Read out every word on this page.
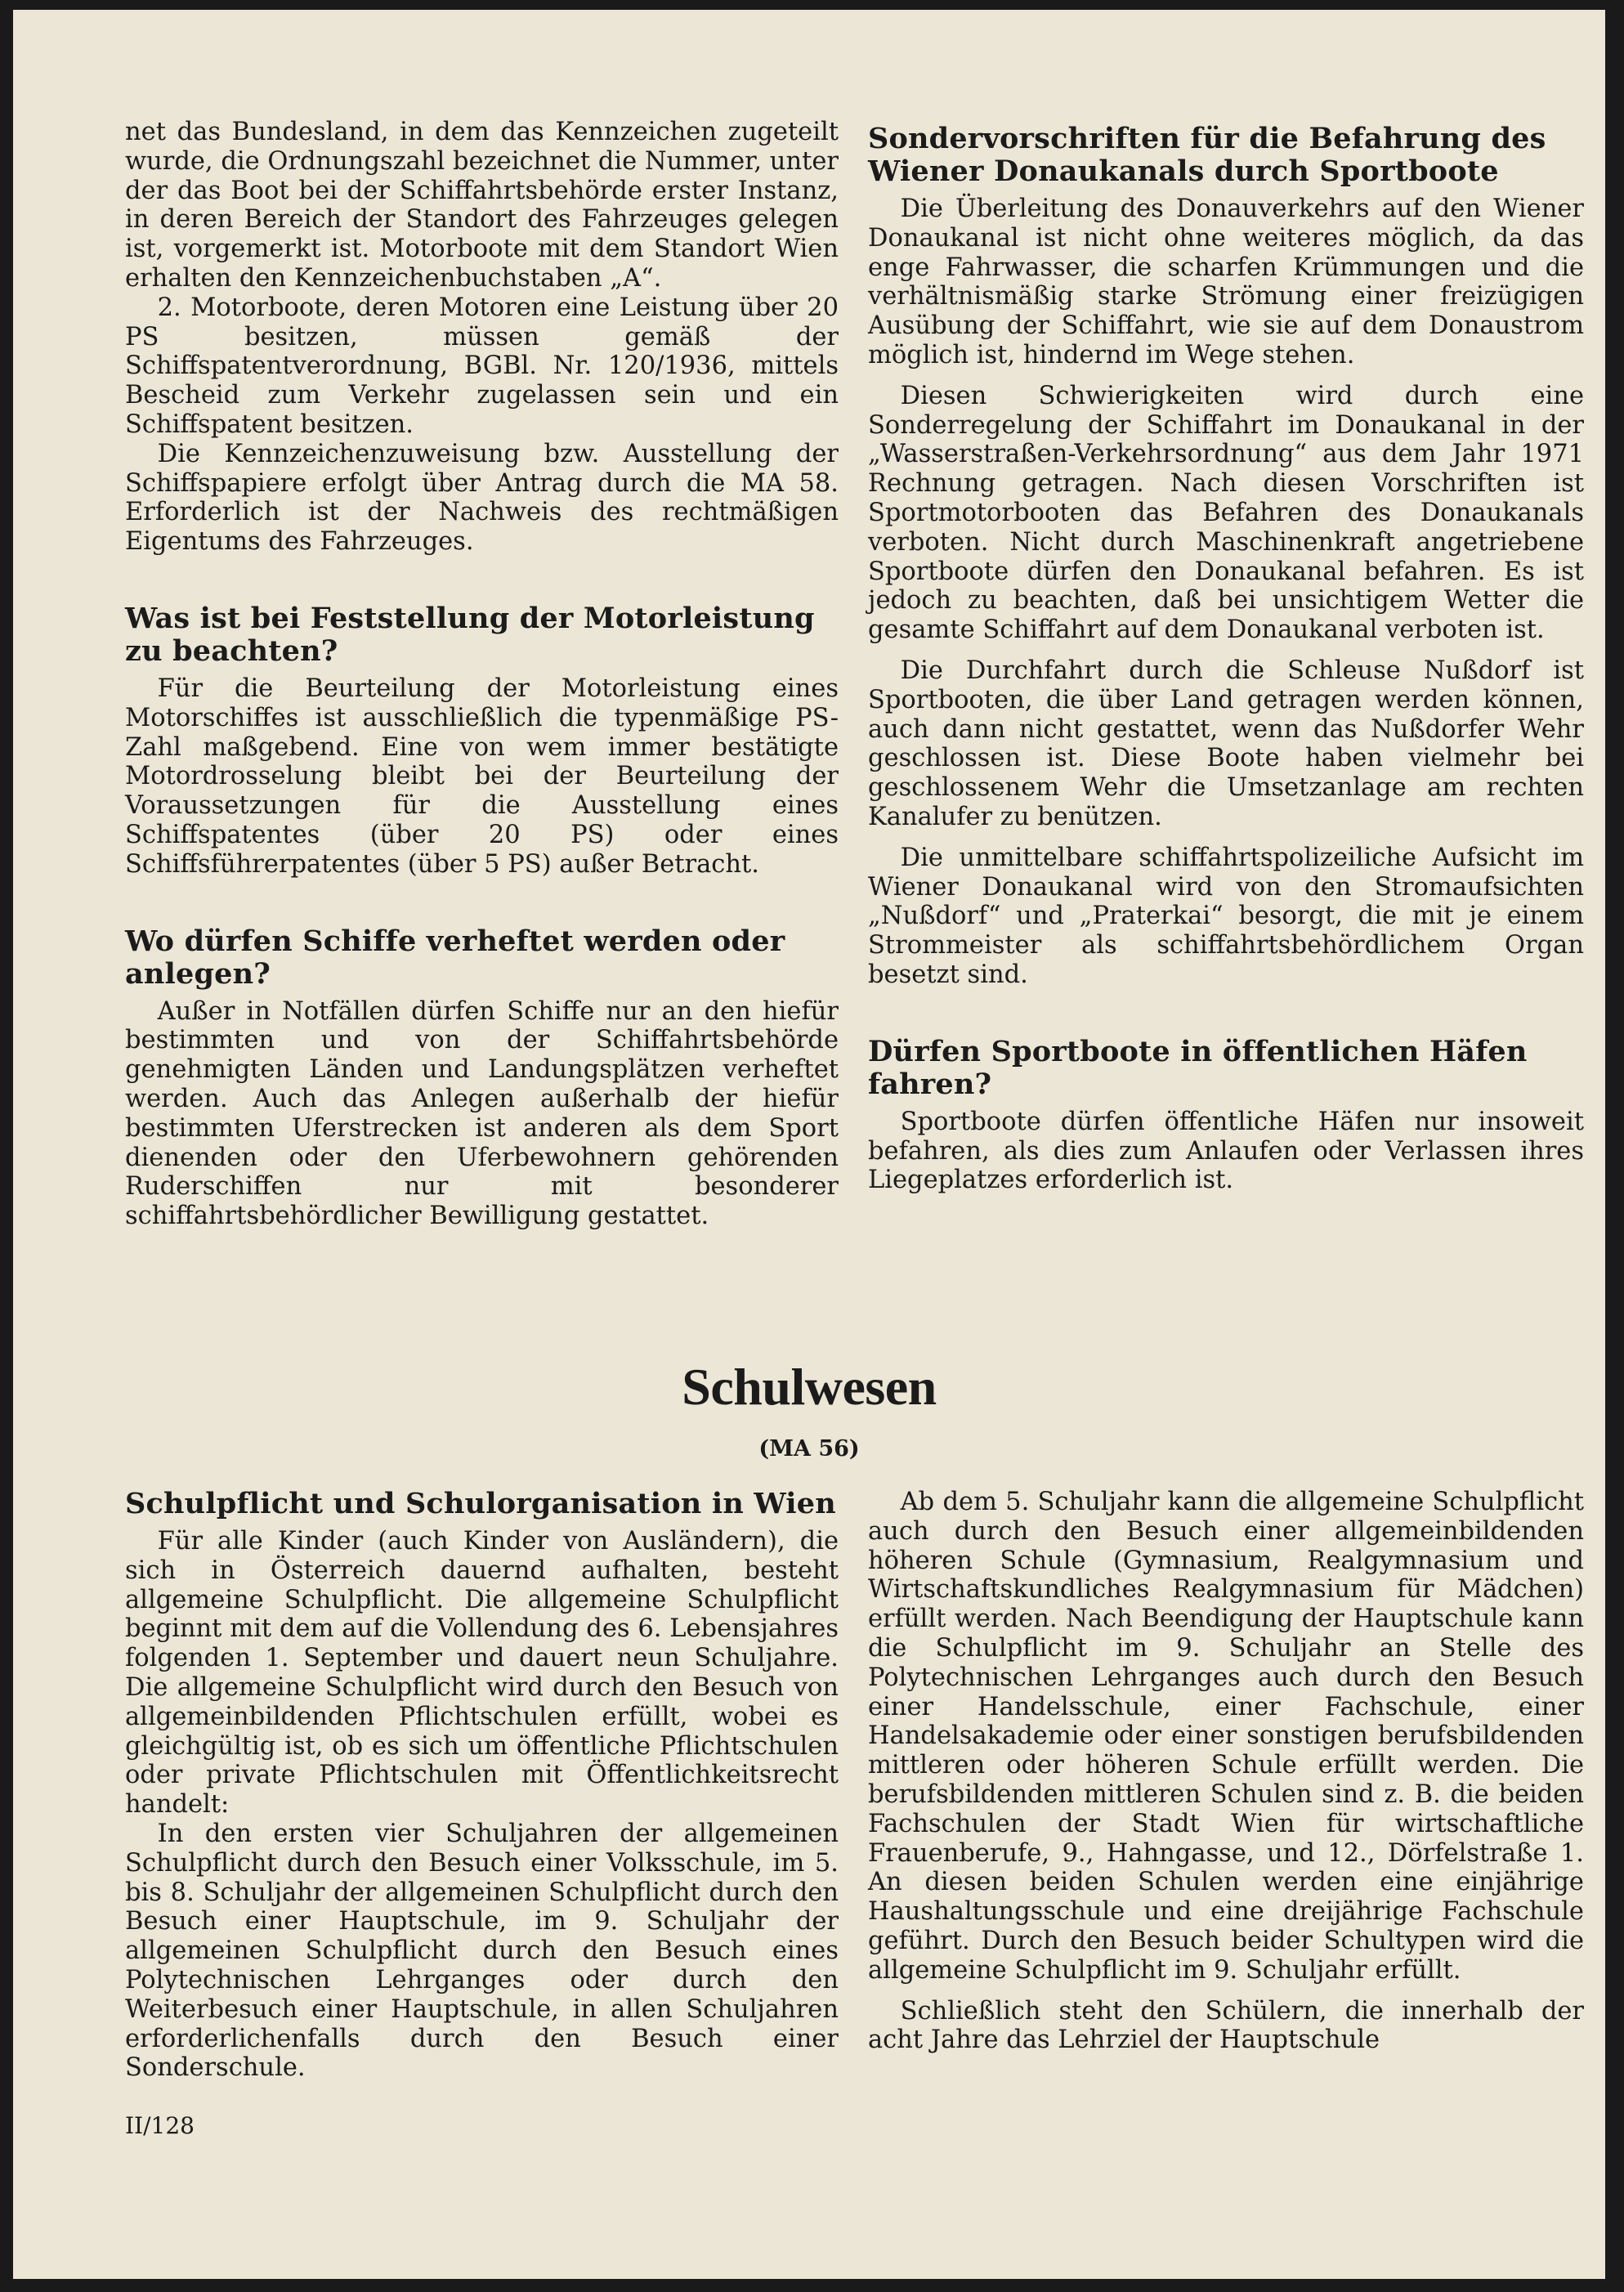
net das Bundesland, in dem das Kennzeichen zugeteilt wurde, die Ordnungszahl bezeichnet die Nummer, unter der das Boot bei der Schiffahrtsbehörde erster Instanz, in deren Bereich der Standort des Fahrzeuges gelegen ist, vorgemerkt ist. Motorboote mit dem Standort Wien erhalten den Kennzeichenbuchstaben „A“.

2. Motorboote, deren Motoren eine Leistung über 20 PS besitzen, müssen gemäß der Schiffspatentverordnung, BGBl. Nr. 120/1936, mittels Bescheid zum Verkehr zugelassen sein und ein Schiffspatent besitzen.

Die Kennzeichenzuweisung bzw. Ausstellung der Schiffspapiere erfolgt über Antrag durch die MA 58. Erforderlich ist der Nachweis des rechtmäßigen Eigentums des Fahrzeuges.

Was ist bei Feststellung der Motorleistung zu beachten?

Für die Beurteilung der Motorleistung eines Motorschiffes ist ausschließlich die typenmäßige PS-Zahl maßgebend. Eine von wem immer bestätigte Motordrosselung bleibt bei der Beurteilung der Voraussetzungen für die Ausstellung eines Schiffspatentes (über 20 PS) oder eines Schiffsführerpatentes (über 5 PS) außer Betracht.

Wo dürfen Schiffe verheftet werden oder anlegen?

Außer in Notfällen dürfen Schiffe nur an den hiefür bestimmten und von der Schiffahrtsbehörde genehmigten Länden und Landungsplätzen verheftet werden. Auch das Anlegen außerhalb der hiefür bestimmten Uferstrecken ist anderen als dem Sport dienenden oder den Uferbewohnern gehörenden Ruderschiffen nur mit besonderer schiffahrtsbehördlicher Bewilligung gestattet.

Sondervorschriften für die Befahrung des Wiener Donaukanals durch Sportboote

Die Überleitung des Donauverkehrs auf den Wiener Donaukanal ist nicht ohne weiteres möglich, da das enge Fahrwasser, die scharfen Krümmungen und die verhältnismäßig starke Strömung einer freizügigen Ausübung der Schiffahrt, wie sie auf dem Donaustrom möglich ist, hindernd im Wege stehen.

Diesen Schwierigkeiten wird durch eine Sonderregelung der Schiffahrt im Donaukanal in der „Wasserstraßen-Verkehrsordnung“ aus dem Jahr 1971 Rechnung getragen. Nach diesen Vorschriften ist Sportmotorbooten das Befahren des Donaukanals verboten. Nicht durch Maschinenkraft angetriebene Sportboote dürfen den Donaukanal befahren. Es ist jedoch zu beachten, daß bei unsichtigem Wetter die gesamte Schiffahrt auf dem Donaukanal verboten ist.

Die Durchfahrt durch die Schleuse Nußdorf ist Sportbooten, die über Land getragen werden können, auch dann nicht gestattet, wenn das Nußdorfer Wehr geschlossen ist. Diese Boote haben vielmehr bei geschlossenem Wehr die Umsetzanlage am rechten Kanalufer zu benützen.

Die unmittelbare schiffahrtspolizeiliche Aufsicht im Wiener Donaukanal wird von den Stromaufsichten „Nußdorf“ und „Praterkai“ besorgt, die mit je einem Strommeister als schiffahrtsbehördlichem Organ besetzt sind.

Dürfen Sportboote in öffentlichen Häfen fahren?

Sportboote dürfen öffentliche Häfen nur insoweit befahren, als dies zum Anlaufen oder Verlassen ihres Liegeplatzes erforderlich ist.

Schulwesen
(MA 56)
Schulpflicht und Schulorganisation in Wien

Für alle Kinder (auch Kinder von Ausländern), die sich in Österreich dauernd aufhalten, besteht allgemeine Schulpflicht. Die allgemeine Schulpflicht beginnt mit dem auf die Vollendung des 6. Lebensjahres folgenden 1. September und dauert neun Schuljahre. Die allgemeine Schulpflicht wird durch den Besuch von allgemeinbildenden Pflichtschulen erfüllt, wobei es gleichgültig ist, ob es sich um öffentliche Pflichtschulen oder private Pflichtschulen mit Öffentlichkeitsrecht handelt:

In den ersten vier Schuljahren der allgemeinen Schulpflicht durch den Besuch einer Volksschule, im 5. bis 8. Schuljahr der allgemeinen Schulpflicht durch den Besuch einer Hauptschule, im 9. Schuljahr der allgemeinen Schulpflicht durch den Besuch eines Polytechnischen Lehrganges oder durch den Weiterbesuch einer Hauptschule, in allen Schuljahren erforderlichenfalls durch den Besuch einer Sonderschule.

Ab dem 5. Schuljahr kann die allgemeine Schulpflicht auch durch den Besuch einer allgemeinbildenden höheren Schule (Gymnasium, Realgymnasium und Wirtschaftskundliches Realgymnasium für Mädchen) erfüllt werden. Nach Beendigung der Hauptschule kann die Schulpflicht im 9. Schuljahr an Stelle des Polytechnischen Lehrganges auch durch den Besuch einer Handelsschule, einer Fachschule, einer Handelsakademie oder einer sonstigen berufsbildenden mittleren oder höheren Schule erfüllt werden. Die berufsbildenden mittleren Schulen sind z. B. die beiden Fachschulen der Stadt Wien für wirtschaftliche Frauenberufe, 9., Hahngasse, und 12., Dörfelstraße 1. An diesen beiden Schulen werden eine einjährige Haushaltungsschule und eine dreijährige Fachschule geführt. Durch den Besuch beider Schultypen wird die allgemeine Schulpflicht im 9. Schuljahr erfüllt.

Schließlich steht den Schülern, die innerhalb der acht Jahre das Lehrziel der Hauptschule

II/128
